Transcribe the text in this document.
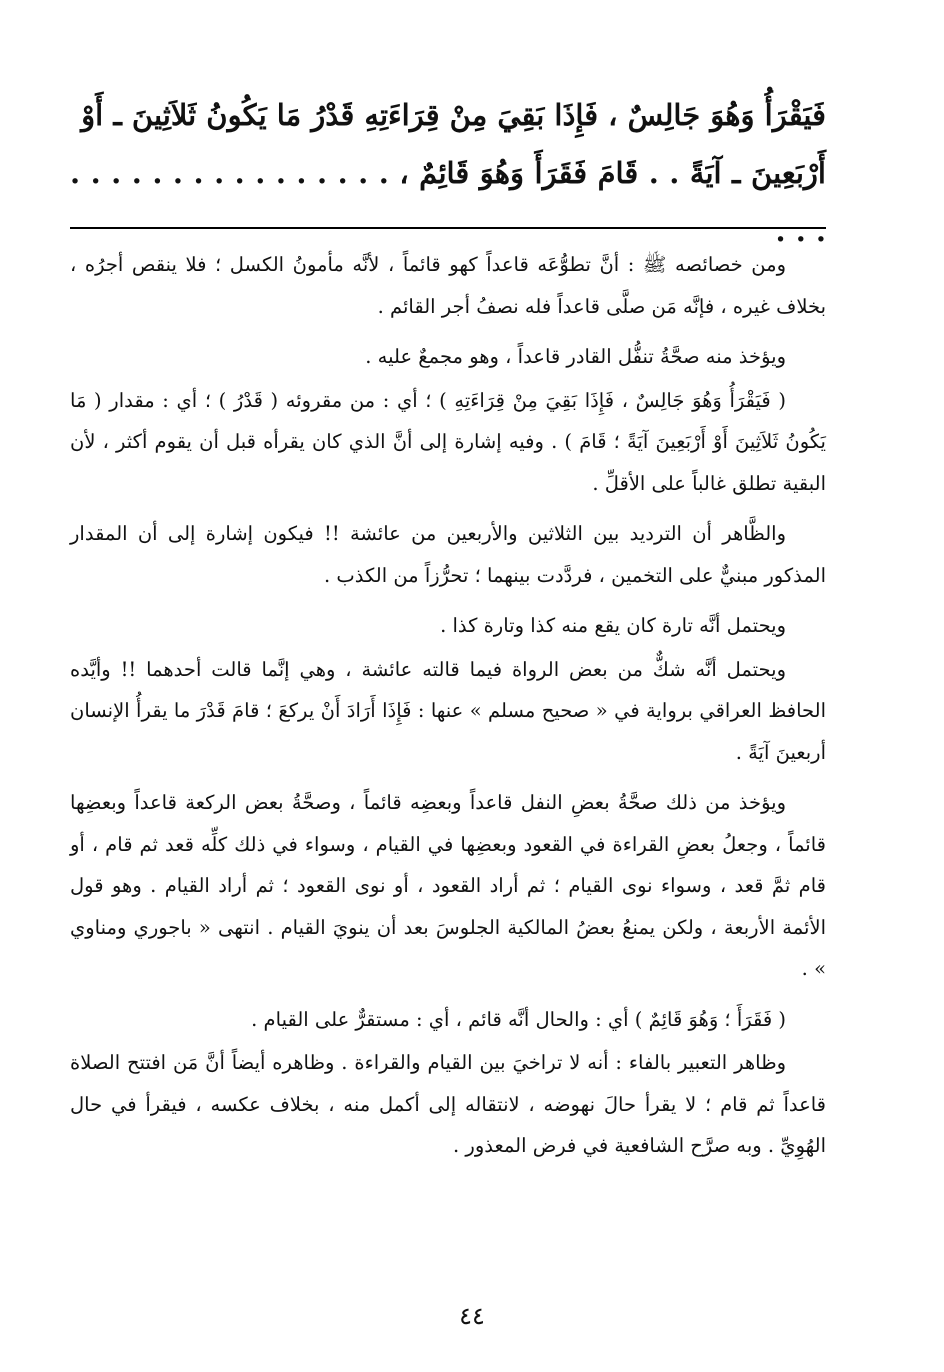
فَيَقْرَأُ وَهُوَ جَالِسٌ ، فَإِذَا بَقِيَ مِنْ قِرَاءَتِهِ قَدْرُ مَا يَكُونُ ثَلاَثِينَ ـ أَوْ

أَرْبَعِينَ ـ آيَةً . . قَامَ فَقَرَأَ وَهُوَ قَائِمٌ ، . . . . . . . . . . . . . . . . . . .

ومن خصائصه ﷺ : أنَّ تطوُّعَه قاعداً كهو قائماً ، لأنَّه مأمونُ الكسل ؛ فلا ينقص أجرُه ، بخلاف غيره ، فإنَّه مَن صلَّى قاعداً فله نصفُ أجر القائم .

ويؤخذ منه صحَّةُ تنفُّل القادر قاعداً ، وهو مجمعٌ عليه .

( فَيَقْرَأُ وَهُوَ جَالِسٌ ، فَإِذَا بَقِيَ مِنْ قِرَاءَتِهِ ) ؛ أي : من مقروئه ( قَدْرُ ) ؛ أي : مقدار ( مَا يَكُونُ ثَلاَثِينَ أَوْ أَرْبَعِينَ آيَةً ؛ قَامَ ) . وفيه إشارة إلى أنَّ الذي كان يقرأه قبل أن يقوم أكثر ، لأن البقية تطلق غالباً على الأقلِّ .

والظَّاهر أن الترديد بين الثلاثين والأربعين من عائشة !! فيكون إشارة إلى أن المقدار المذكور مبنيٌّ على التخمين ، فردَّدت بينهما ؛ تحرُّزاً من الكذب .

ويحتمل أنَّه تارة كان يقع منه كذا وتارة كذا .

ويحتمل أنَّه شكٌّ من بعض الرواة فيما قالته عائشة ، وهي إنَّما قالت أحدهما !! وأيَّده الحافظ العراقي برواية في « صحيح مسلم » عنها : فَإِذَا أَرَادَ أَنْ يركعَ ؛ قامَ قَدْرَ ما يقرأُ الإنسان أربعينَ آيَةً .

ويؤخذ من ذلك صحَّةُ بعضِ النفل قاعداً وبعضِه قائماً ، وصحَّةُ بعض الركعة قاعداً وبعضِها قائماً ، وجعلُ بعضِ القراءة في القعود وبعضِها في القيام ، وسواء في ذلك كلِّه قعد ثم قام ، أو قام ثمَّ قعد ، وسواء نوى القيام ؛ ثم أراد القعود ، أو نوى القعود ؛ ثم أراد القيام . وهو قول الأئمة الأربعة ، ولكن يمنعُ بعضُ المالكية الجلوسَ بعد أن ينويَ القيام . انتهى « باجوري ومناوي » .

( فَقَرَأَ ؛ وَهُوَ قَائِمٌ ) أي : والحال أنَّه قائم ، أي : مستقرٌّ على القيام .

وظاهر التعبير بالفاء : أنه لا تراخيَ بين القيام والقراءة . وظاهره أيضاً أنَّ مَن افتتح الصلاة قاعداً ثم قام ؛ لا يقرأ حالَ نهوضه ، لانتقاله إلى أكمل منه ، بخلاف عكسه ، فيقرأ في حال الهُوِيِّ . وبه صرَّح الشافعية في فرض المعذور .

٤٤
